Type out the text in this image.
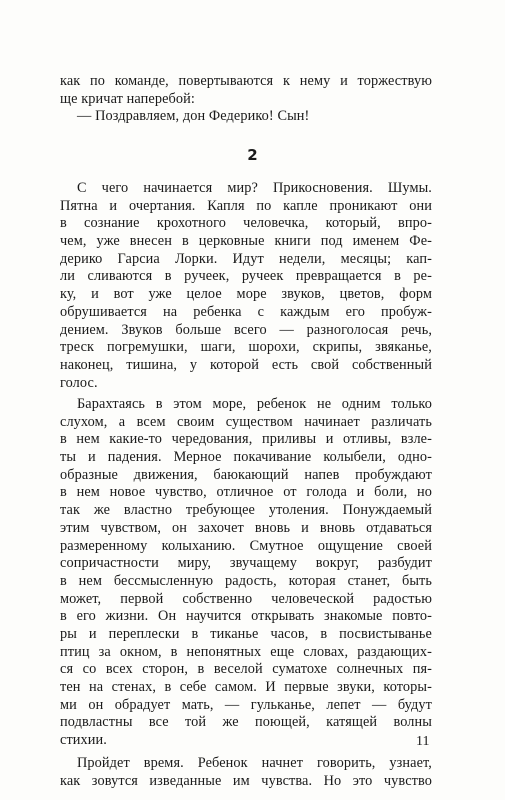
как по команде, повертываются к нему и торжествую
ще кричат наперебой:
— Поздравляем, дон Федерико! Сын!
2
С чего начинается мир? Прикосновения. Шумы.
Пятна и очертания. Капля по капле проникают они
в сознание крохотного человечка, который, впро-
чем, уже внесен в церковные книги под именем Фе-
дерико Гарсиа Лорки. Идут недели, месяцы; кап-
ли сливаются в ручеек, ручеек превращается в ре-
ку, и вот уже целое море звуков, цветов, форм
обрушивается на ребенка с каждым его пробуж-
дением. Звуков больше всего — разноголосая речь,
треск погремушки, шаги, шорохи, скрипы, звяканье,
наконец, тишина, у которой есть свой собственный
голос.
Барахтаясь в этом море, ребенок не одним только
слухом, а всем своим существом начинает различать
в нем какие-то чередования, приливы и отливы, взле-
ты и падения. Мерное покачивание колыбели, одно-
образные движения, баюкающий напев пробуждают
в нем новое чувство, отличное от голода и боли, но
так же властно требующее утоления. Понуждаемый
этим чувством, он захочет вновь и вновь отдаваться
размеренному колыханию. Смутное ощущение своей
сопричастности миру, звучащему вокруг, разбудит
в нем бессмысленную радость, которая станет, быть
может, первой собственно человеческой радостью
в его жизни. Он научится открывать знакомые повто-
ры и переплески в тиканье часов, в посвистыванье
птиц за окном, в непонятных еще словах, раздающих-
ся со всех сторон, в веселой суматохе солнечных пя-
тен на стенах, в себе самом. И первые звуки, которы-
ми он обрадует мать, — гульканье, лепет — будут
подвластны все той же поющей, катящей волны
стихии.
Пройдет время. Ребенок начнет говорить, узнает,
как зовутся изведанные им чувства. Но это чувство
11
